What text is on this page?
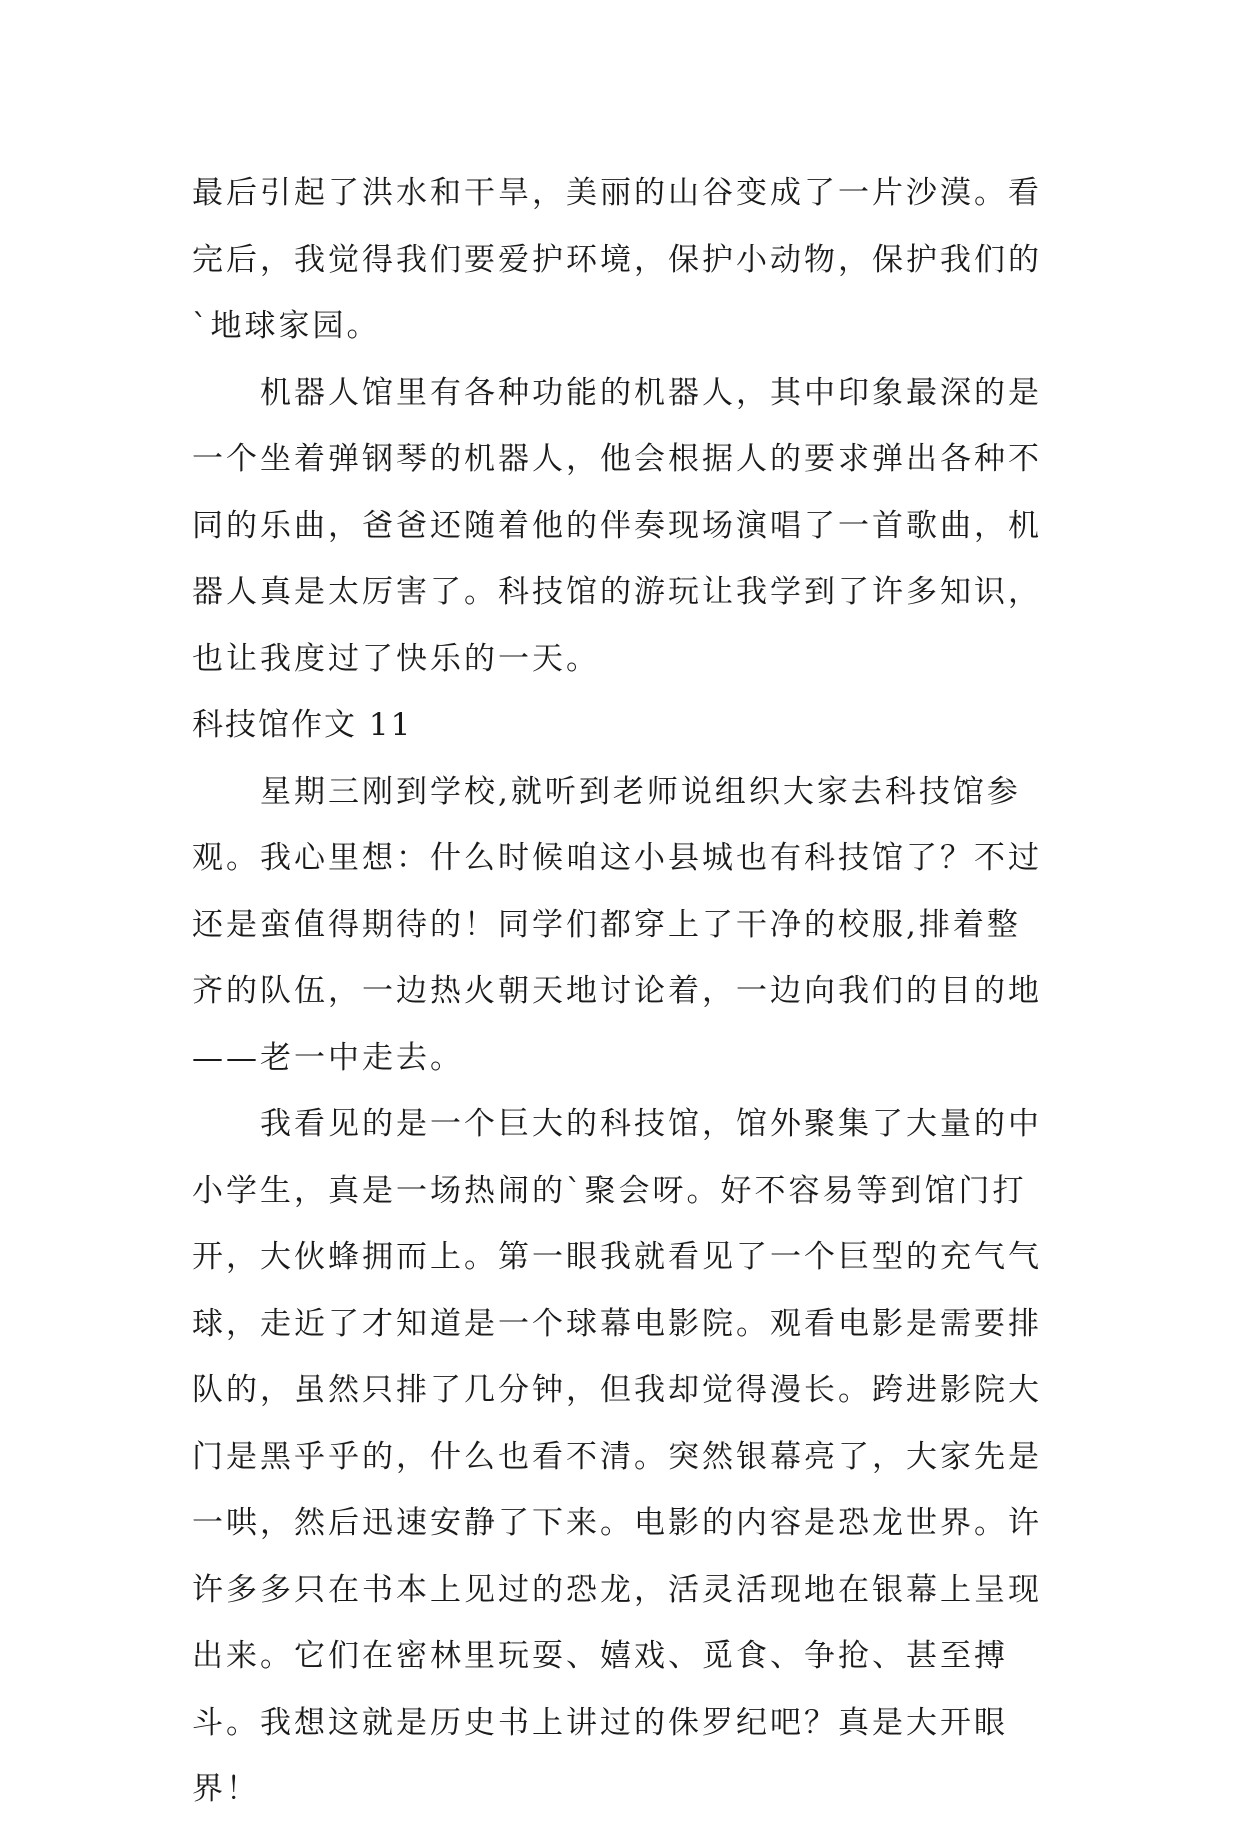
最后引起了洪水和干旱，美丽的山谷变成了一片沙漠。看完后，我觉得我们要爱护环境，保护小动物，保护我们的`地球家园。

机器人馆里有各种功能的机器人，其中印象最深的是一个坐着弹钢琴的机器人，他会根据人的要求弹出各种不同的乐曲，爸爸还随着他的伴奏现场演唱了一首歌曲，机器人真是太厉害了。科技馆的游玩让我学到了许多知识，也让我度过了快乐的一天。

科技馆作文 11

星期三刚到学校,就听到老师说组织大家去科技馆参观。我心里想：什么时候咱这小县城也有科技馆了？不过还是蛮值得期待的！同学们都穿上了干净的校服,排着整齐的队伍，一边热火朝天地讨论着，一边向我们的目的地——老一中走去。

我看见的是一个巨大的科技馆，馆外聚集了大量的中小学生，真是一场热闹的`聚会呀。好不容易等到馆门打开，大伙蜂拥而上。第一眼我就看见了一个巨型的充气气球，走近了才知道是一个球幕电影院。观看电影是需要排队的，虽然只排了几分钟，但我却觉得漫长。跨进影院大门是黑乎乎的，什么也看不清。突然银幕亮了，大家先是一哄，然后迅速安静了下来。电影的内容是恐龙世界。许许多多只在书本上见过的恐龙，活灵活现地在银幕上呈现出来。它们在密林里玩耍、嬉戏、觅食、争抢、甚至搏斗。我想这就是历史书上讲过的侏罗纪吧？真是大开眼界！
